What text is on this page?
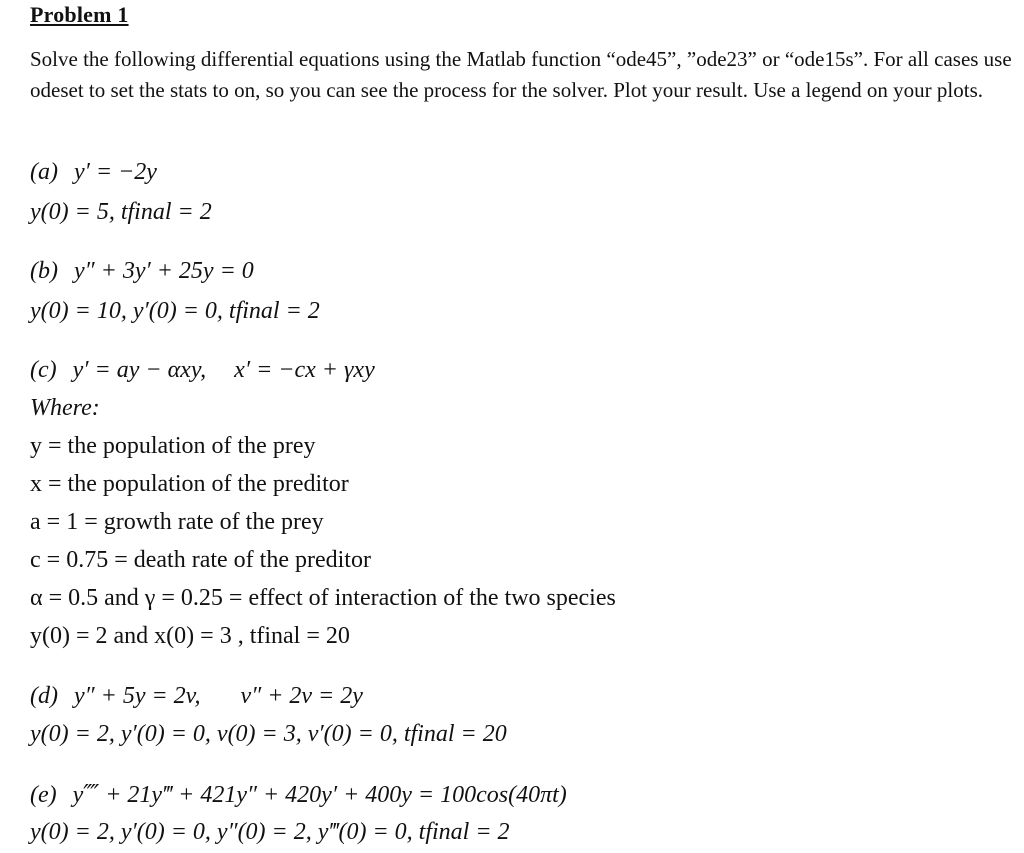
Problem 1

Solve the following differential equations using the Matlab function “ode45”, ”ode23” or “ode15s”. For all cases use odeset to set the stats to on, so you can see the process for the solver. Plot your result. Use a legend on your plots.

(a) y′ = −2y
y(0) = 5, tfinal = 2
(b) y″ + 3y′ + 25y = 0
y(0) = 10, y′(0) = 0, tfinal = 2
(c) y′ = ay − αxy, x′ = −cx + γxy
Where:
y = the population of the prey
x = the population of the preditor
a = 1 = growth rate of the prey
c = 0.75 = death rate of the preditor
α = 0.5 and γ = 0.25 = effect of interaction of the two species
y(0) = 2 and x(0) = 3 , tfinal = 20
(d) y″ + 5y = 2v, v″ + 2v = 2y
y(0) = 2, y′(0) = 0, v(0) = 3, v′(0) = 0, tfinal = 20
(e) y⁗ + 21y‴ + 421y″ + 420y′ + 400y = 100cos(40πt)
y(0) = 2, y′(0) = 0, y″(0) = 2, y‴(0) = 0, tfinal = 2
